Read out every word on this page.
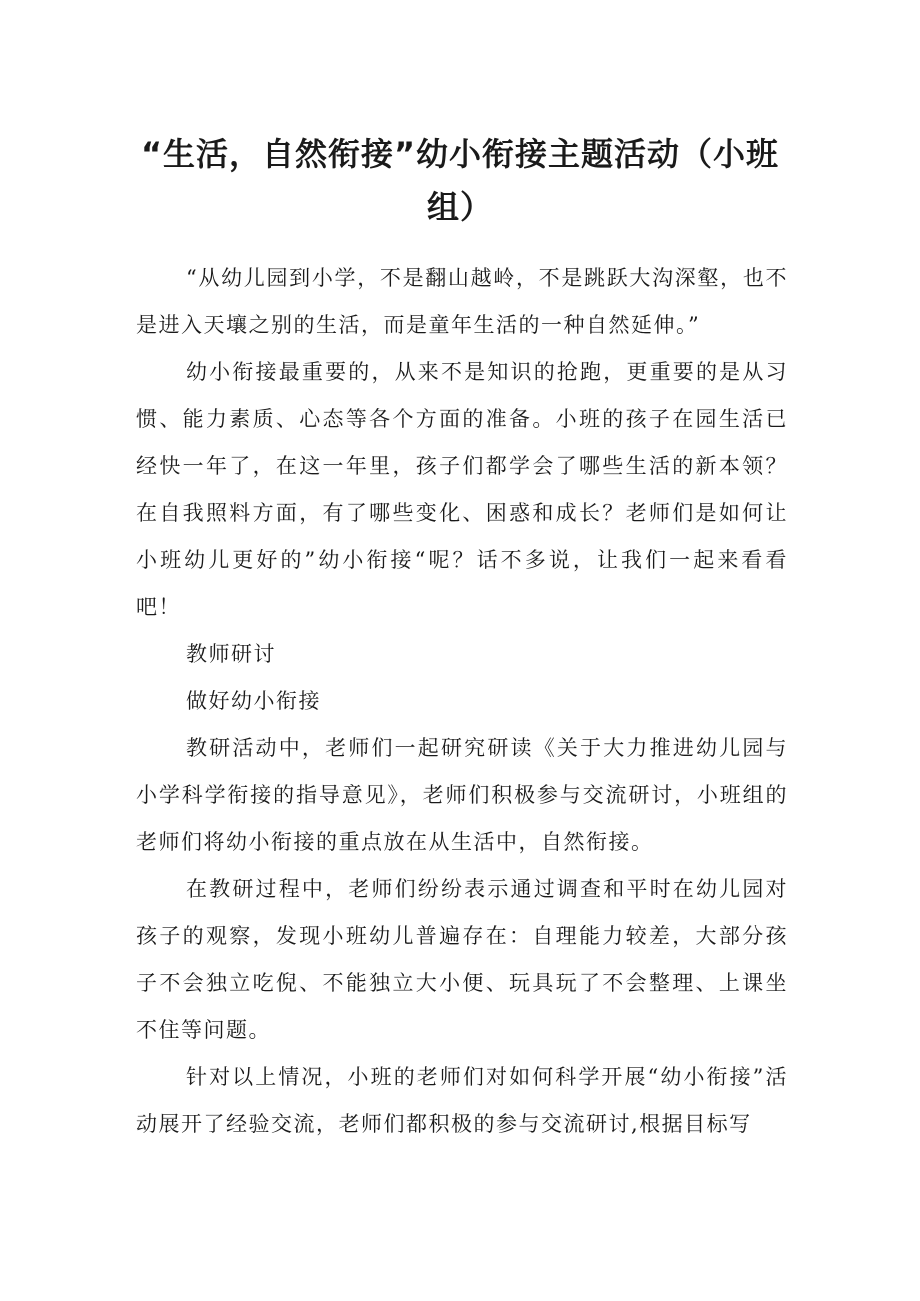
“生活，自然衔接”幼小衔接主题活动（小班组）

“从幼儿园到小学，不是翻山越岭，不是跳跃大沟深壑，也不是进入天壤之别的生活，而是童年生活的一种自然延伸。”

幼小衔接最重要的，从来不是知识的抢跑，更重要的是从习惯、能力素质、心态等各个方面的准备。小班的孩子在园生活已经快一年了，在这一年里，孩子们都学会了哪些生活的新本领？在自我照料方面，有了哪些变化、困惑和成长？老师们是如何让小班幼儿更好的”幼小衔接“呢？话不多说，让我们一起来看看吧！

教师研讨

做好幼小衔接

教研活动中，老师们一起研究研读《关于大力推进幼儿园与小学科学衔接的指导意见》，老师们积极参与交流研讨，小班组的老师们将幼小衔接的重点放在从生活中，自然衔接。

在教研过程中，老师们纷纷表示通过调查和平时在幼儿园对孩子的观察，发现小班幼儿普遍存在：自理能力较差，大部分孩子不会独立吃倪、不能独立大小便、玩具玩了不会整理、上课坐不住等问题。

针对以上情况，小班的老师们对如何科学开展“幼小衔接”活动展开了经验交流，老师们都积极的参与交流研讨,根据目标写
